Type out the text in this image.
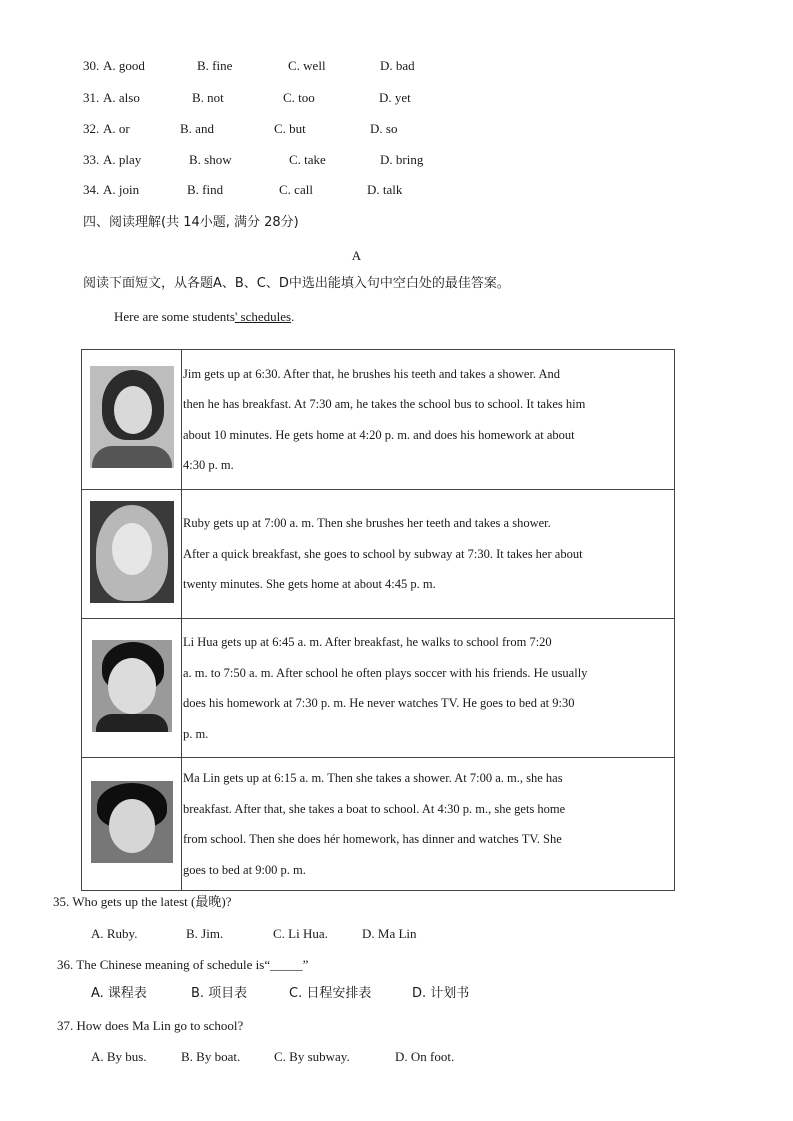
30. A. good	B. fine	C. well	D. bad
31. A. also	B. not	C. too	D. yet
32. A. or	B. and	C. but	D. so
33. A. play	B. show	C. take	D. bring
34. A. join	B. find	C. call	D. talk
四、阅读理解(共 14小题, 满分 28分)
A
阅读下面短文，从各题A、B、C、D中选出能填入句中空白处的最佳答案。
Here are some students' schedules.

	Jim gets up at 6:30. After that, he brushes his teeth and takes a shower. And
then he has breakfast. At 7:30 am, he takes the school bus to school. It takes him
about 10 minutes. He gets home at 4:20 p. m. and does his homework at about
4:30 p. m.

	Ruby gets up at 7:00 a. m. Then she brushes her teeth and takes a shower.
After a quick breakfast, she goes to school by subway at 7:30. It takes her about
twenty minutes. She gets home at about 4:45 p. m.

	Li Hua gets up at 6:45 a. m. After breakfast, he walks to school from 7:20
a. m. to 7:50 a. m. After school he often plays soccer with his friends. He usually
does his homework at 7:30 p. m. He never watches TV. He goes to bed at 9:30
p. m.

	Ma Lin gets up at 6:15 a. m. Then she takes a shower. At 7:00 a. m., she has
breakfast. After that, she takes a boat to school. At 4:30 p. m., she gets home
from school. Then she does hér homework, has dinner and watches TV. She
goes to bed at 9:00 p. m.
35. Who gets up the latest (最晚)?
A. Ruby.	B. Jim.	C. Li Hua.	D. Ma Lin
36. The Chinese meaning of schedule is“_____”
A. 课程表	B. 项目表	C. 日程安排表	D. 计划书
37. How does Ma Lin go to school?
A. By bus.	B. By boat.	C. By subway.	D. On foot.
